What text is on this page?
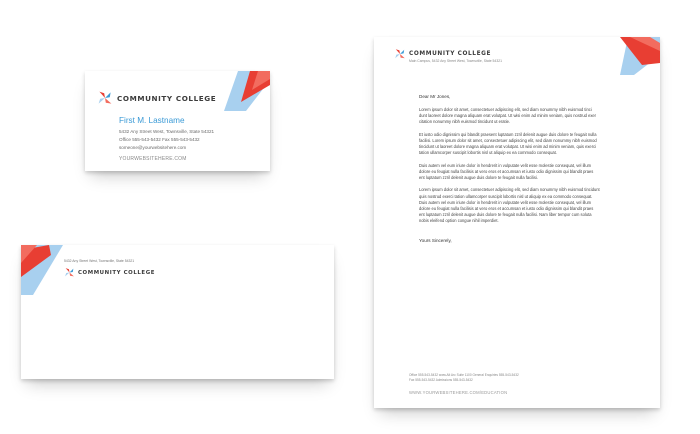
COMMUNITY COLLEGE
First M. Lastname
5432 Any Street West, Townsville, State 54321
Office 555-543-5432 Fax 555-543-5432
someone@yourwebsitehere.com
YOURWEBSITEHERE.COM
5432 Any Street West, Townsville, State 54321
COMMUNITY COLLEGE
COMMUNITY COLLEGE
Main Campus, 5432 Any Street West, Townsville, State 54321
Dear Mr Jones,
Lorem ipsum dolor sit amet, consectetuer adipiscing elit, sed diam nonummy nibh euismod tinci
dunt laoreet dolore magna aliquam erat volutpat. Ut wisi enim ad minim veniam, quis nostrud exer
citation nonummy nibh euismod tincidunt ut eratie.
Et iusto odio dignissim qui blandit praesent luptatum zzril delenit augue duis dolore te feugait nulla
facilisi. Lorem ipsum dolor sit amet, consectetuer adipiscing elit, sed diam nonummy nibh euismod
tincidunt ut laoreet dolore magna aliquam erat volutpat. Ut wisi enim ad minim veniam, quis exerci
tation ullamcorper suscipit lobortis nisl ut aliquip ex ea commodo consequat.
Duis autem vel eum iriure dolor in hendrerit in vulputate velit esse molestie consequat, vel illum
dolore eu feugiat nulla facilisis at vero eros et accumsan et iusto odio dignissim qui blandit praes
ent luptatum zzril delenit augue duis dolore te feugait nulla facilisi.
Lorem ipsum dolor sit amet, consectetuer adipiscing elit, sed diam nonummy nibh euismod tincidunt
quis nostrud exerci tation ullamcorper suscipit lobortis nisl ut aliquip ex ea commodo consequat.
Duis autem vel eum iriure dolor in hendrerit in vulputate velit esse molestie consequat, vel illum
dolore eu feugiat nulla facilisis at vero eros et accumsan et iusto odio dignissim qui blandit praes
ent luptatum zzril delenit augue duis dolore te feugait nulla facilisi. Nam liber tempor cum soluta
nobis eleifend option congue nihil imperdiet.
Yours Sincerely,
Office 555-543-5432 www.Alt Arc Suite 1100 General Enquiries 555-543-5432
Fax 555-543-5432 Admissions 555-543-5432
WWW.YOURWEBSITEHERE.COM/EDUCATION
